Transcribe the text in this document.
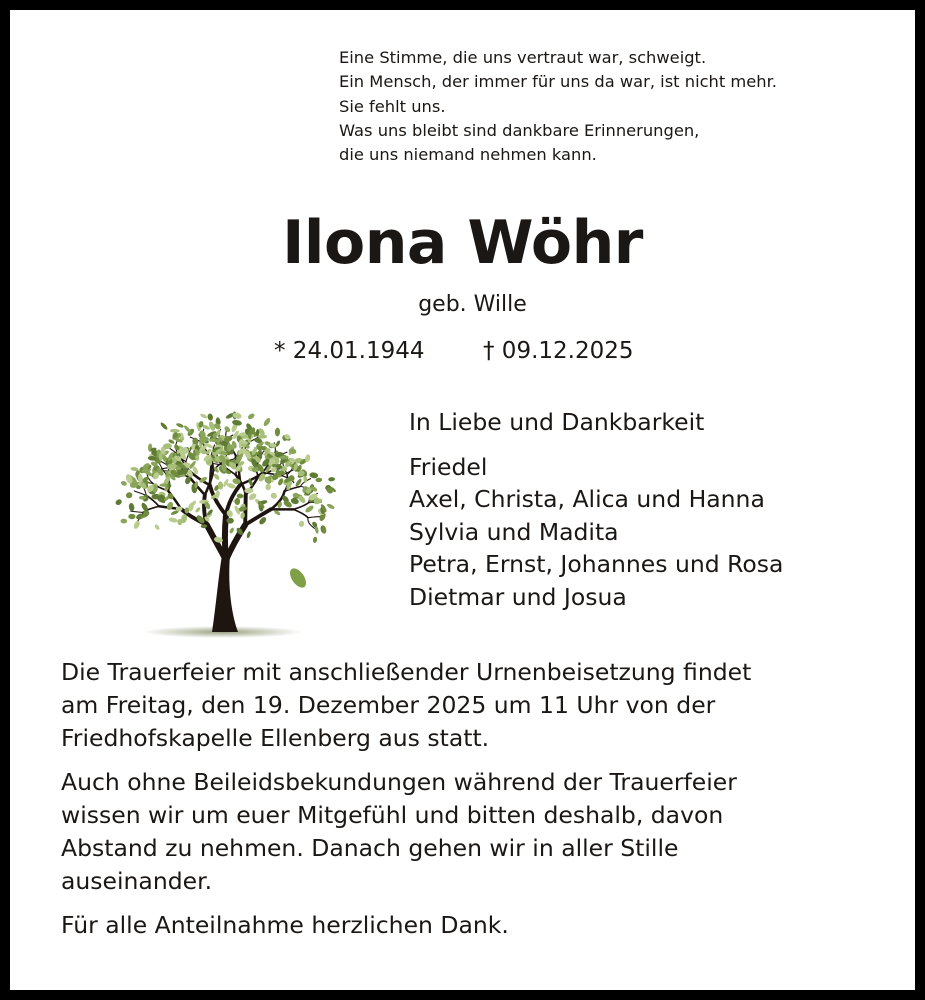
Eine Stimme, die uns vertraut war, schweigt.
Ein Mensch, der immer für uns da war, ist nicht mehr.
Sie fehlt uns.
Was uns bleibt sind dankbare Erinnerungen,
die uns niemand nehmen kann.
Ilona Wöhr
geb. Wille
* 24.01.1944	† 09.12.2025
In Liebe und Dankbarkeit
Friedel
Axel, Christa, Alica und Hanna
Sylvia und Madita
Petra, Ernst, Johannes und Rosa
Dietmar und Josua

Die Trauerfeier mit anschließender Urnenbeisetzung findet
am Freitag, den 19. Dezember 2025 um 11 Uhr von der
Friedhofskapelle Ellenberg aus statt.

Auch ohne Beileidsbekundungen während der Trauerfeier
wissen wir um euer Mitgefühl und bitten deshalb, davon
Abstand zu nehmen. Danach gehen wir in aller Stille
auseinander.

Für alle Anteilnahme herzlichen Dank.
